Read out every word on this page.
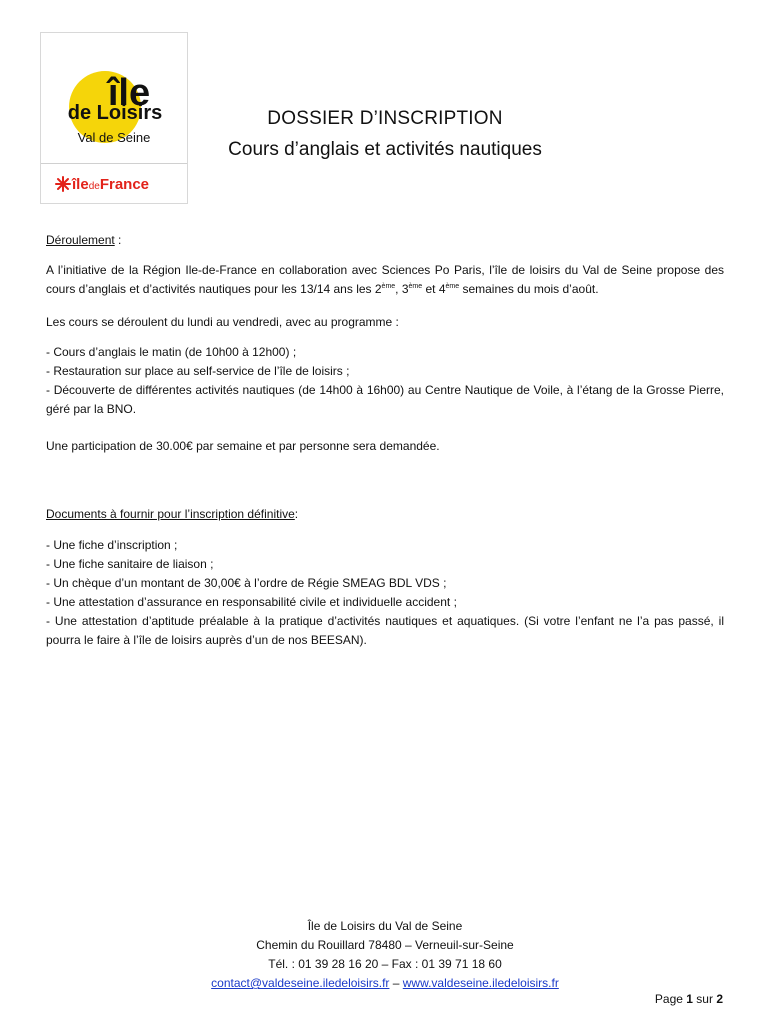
île
de Loisirs
Val de Seine
îledeFrance
DOSSIER D’INSCRIPTION
Cours d’anglais et activités nautiques
Déroulement :
A l’initiative de la Région Ile-de-France en collaboration avec Sciences Po Paris, l’île de loisirs du Val de Seine propose des cours d’anglais et d’activités nautiques pour les 13/14 ans les 2ème, 3ème et 4ème semaines du mois d’août.
Les cours se déroulent du lundi au vendredi, avec au programme :
- Cours d’anglais le matin (de 10h00 à 12h00) ;
- Restauration sur place au self-service de l’île de loisirs ;
- Découverte de différentes activités nautiques (de 14h00 à 16h00) au Centre Nautique de Voile, à l’étang de la Grosse Pierre, géré par la BNO.
Une participation de 30.00€ par semaine et par personne sera demandée.
Documents à fournir pour l’inscription définitive:
- Une fiche d’inscription ;
- Une fiche sanitaire de liaison ;
- Un chèque d’un montant de 30,00€ à l’ordre de Régie SMEAG BDL VDS ;
- Une attestation d’assurance en responsabilité civile et individuelle accident ;
- Une attestation d’aptitude préalable à la pratique d’activités nautiques et aquatiques. (Si votre l’enfant ne l’a pas passé, il pourra le faire à l’île de loisirs auprès d’un de nos BEESAN).
Île de Loisirs du Val de Seine
Chemin du Rouillard 78480 – Verneuil-sur-Seine
Tél. : 01 39 28 16 20 – Fax : 01 39 71 18 60
contact@valdeseine.iledeloisirs.fr – www.valdeseine.iledeloisirs.fr
Page 1 sur 2
